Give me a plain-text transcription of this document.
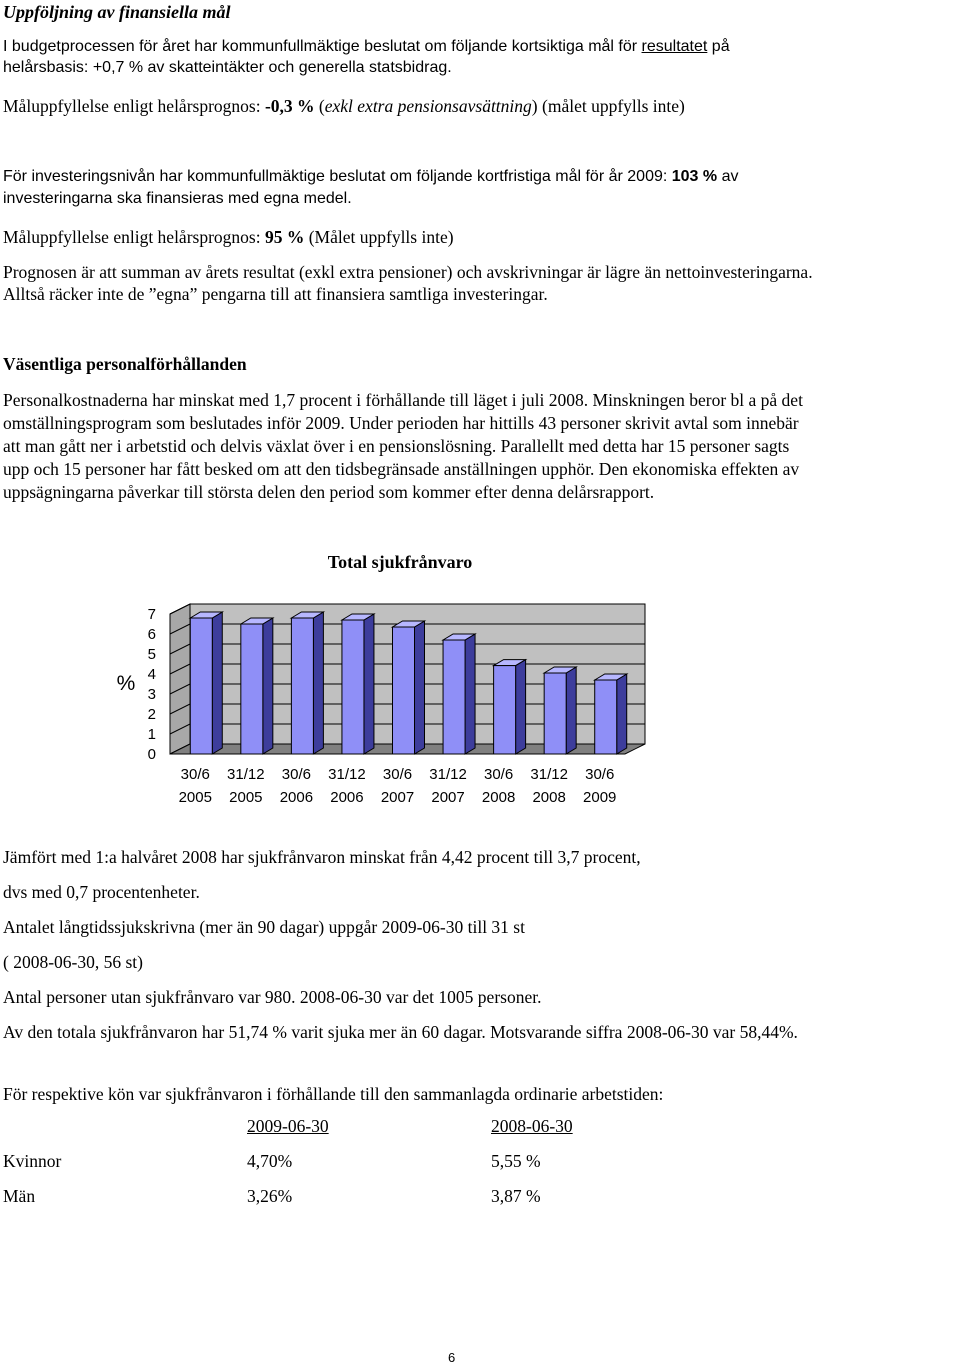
Uppföljning av finansiella mål
I budgetprocessen för året har kommunfullmäktige beslutat om följande kortsiktiga mål för resultatet på
helårsbasis: +0,7 % av skatteintäkter och generella statsbidrag.
Måluppfyllelse enligt helårsprognos: -0,3 % (exkl extra pensionsavsättning) (målet uppfylls inte)
För investeringsnivån har kommunfullmäktige beslutat om följande kortfristiga mål för år 2009: 103 % av
investeringarna ska finansieras med egna medel.
Måluppfyllelse enligt helårsprognos: 95 % (Målet uppfylls inte)
Prognosen är att summan av årets resultat (exkl extra pensioner) och avskrivningar är lägre än nettoinvesteringarna.
Alltså räcker inte de ”egna” pengarna till att finansiera samtliga investeringar.
Väsentliga personalförhållanden
Personalkostnaderna har minskat med 1,7 procent i förhållande till läget i juli 2008. Minskningen beror bl a på det
omställningsprogram som beslutades inför 2009. Under perioden har hittills 43 personer skrivit avtal som innebär
att man gått ner i arbetstid och delvis växlat över i en pensionslösning. Parallellt med detta har 15 personer sagts
upp och 15 personer har fått besked om att den tidsbegränsade anställningen upphör. Den ekonomiska effekten av
uppsägningarna påverkar till största delen den period som kommer efter denna delårsrapport.
Total sjukfrånvaro
0
1
2
3
4
5
6
7
%
30/6
2005
31/12
2005
30/6
2006
31/12
2006
30/6
2007
31/12
2007
30/6
2008
31/12
2008
30/6
2009
Jämfört med 1:a halvåret 2008 har sjukfrånvaron minskat från 4,42 procent till 3,7 procent,
dvs med 0,7 procentenheter.
Antalet långtidssjukskrivna (mer än 90 dagar) uppgår 2009-06-30 till 31 st
( 2008-06-30, 56 st)
Antal personer utan sjukfrånvaro var 980. 2008-06-30 var det 1005 personer.
Av den totala sjukfrånvaron har 51,74 % varit sjuka mer än 60 dagar. Motsvarande siffra 2008-06-30 var 58,44%.
För respektive kön var sjukfrånvaron i förhållande till den sammanlagda ordinarie arbetstiden:
2009-06-30	2008-06-30
Kvinnor	4,70%	5,55 %
Män	3,26%	3,87 %
6
